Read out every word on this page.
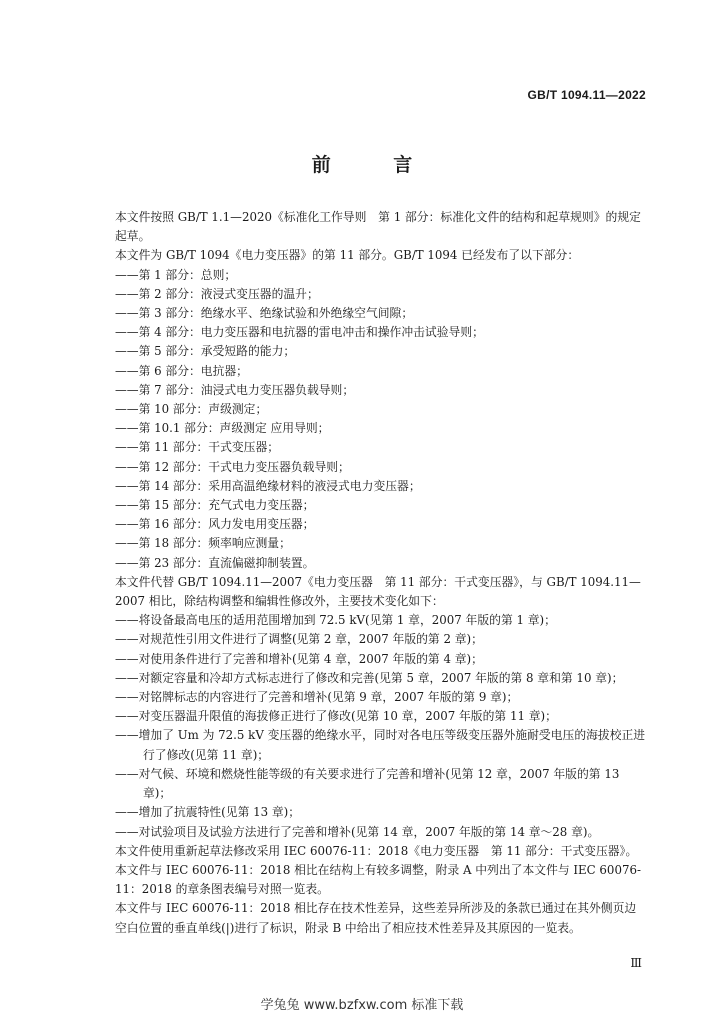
GB/T 1094.11—2022
前 言

本文件按照 GB/T 1.1—2020《标准化工作导则　第 1 部分：标准化文件的结构和起草规则》的规定起草。

本文件为 GB/T 1094《电力变压器》的第 11 部分。GB/T 1094 已经发布了以下部分：

——第 1 部分：总则；

——第 2 部分：液浸式变压器的温升；

——第 3 部分：绝缘水平、绝缘试验和外绝缘空气间隙；

——第 4 部分：电力变压器和电抗器的雷电冲击和操作冲击试验导则；

——第 5 部分：承受短路的能力；

——第 6 部分：电抗器；

——第 7 部分：油浸式电力变压器负载导则；

——第 10 部分：声级测定；

——第 10.1 部分：声级测定 应用导则；

——第 11 部分：干式变压器；

——第 12 部分：干式电力变压器负载导则；

——第 14 部分：采用高温绝缘材料的液浸式电力变压器；

——第 15 部分：充气式电力变压器；

——第 16 部分：风力发电用变压器；

——第 18 部分：频率响应测量；

——第 23 部分：直流偏磁抑制装置。

本文件代替 GB/T 1094.11—2007《电力变压器　第 11 部分：干式变压器》，与 GB/T 1094.11—2007 相比，除结构调整和编辑性修改外，主要技术变化如下：

——将设备最高电压的适用范围增加到 72.5 kV(见第 1 章，2007 年版的第 1 章)；

——对规范性引用文件进行了调整(见第 2 章，2007 年版的第 2 章)；

——对使用条件进行了完善和增补(见第 4 章，2007 年版的第 4 章)；

——对额定容量和冷却方式标志进行了修改和完善(见第 5 章，2007 年版的第 8 章和第 10 章)；

——对铭牌标志的内容进行了完善和增补(见第 9 章，2007 年版的第 9 章)；

——对变压器温升限值的海拔修正进行了修改(见第 10 章，2007 年版的第 11 章)；

——增加了 Um 为 72.5 kV 变压器的绝缘水平，同时对各电压等级变压器外施耐受电压的海拔校正进行了修改(见第 11 章)；

——对气候、环境和燃烧性能等级的有关要求进行了完善和增补(见第 12 章，2007 年版的第 13 章)；

——增加了抗震特性(见第 13 章)；

——对试验项目及试验方法进行了完善和增补(见第 14 章，2007 年版的第 14 章～28 章)。

本文件使用重新起草法修改采用 IEC 60076-11：2018《电力变压器　第 11 部分：干式变压器》。

本文件与 IEC 60076-11：2018 相比在结构上有较多调整，附录 A 中列出了本文件与 IEC 60076-11：2018 的章条图表编号对照一览表。

本文件与 IEC 60076-11：2018 相比存在技术性差异，这些差异所涉及的条款已通过在其外侧页边空白位置的垂直单线(|)进行了标识，附录 B 中给出了相应技术性差异及其原因的一览表。

Ⅲ
学兔兔 www.bzfxw.com 标准下载
